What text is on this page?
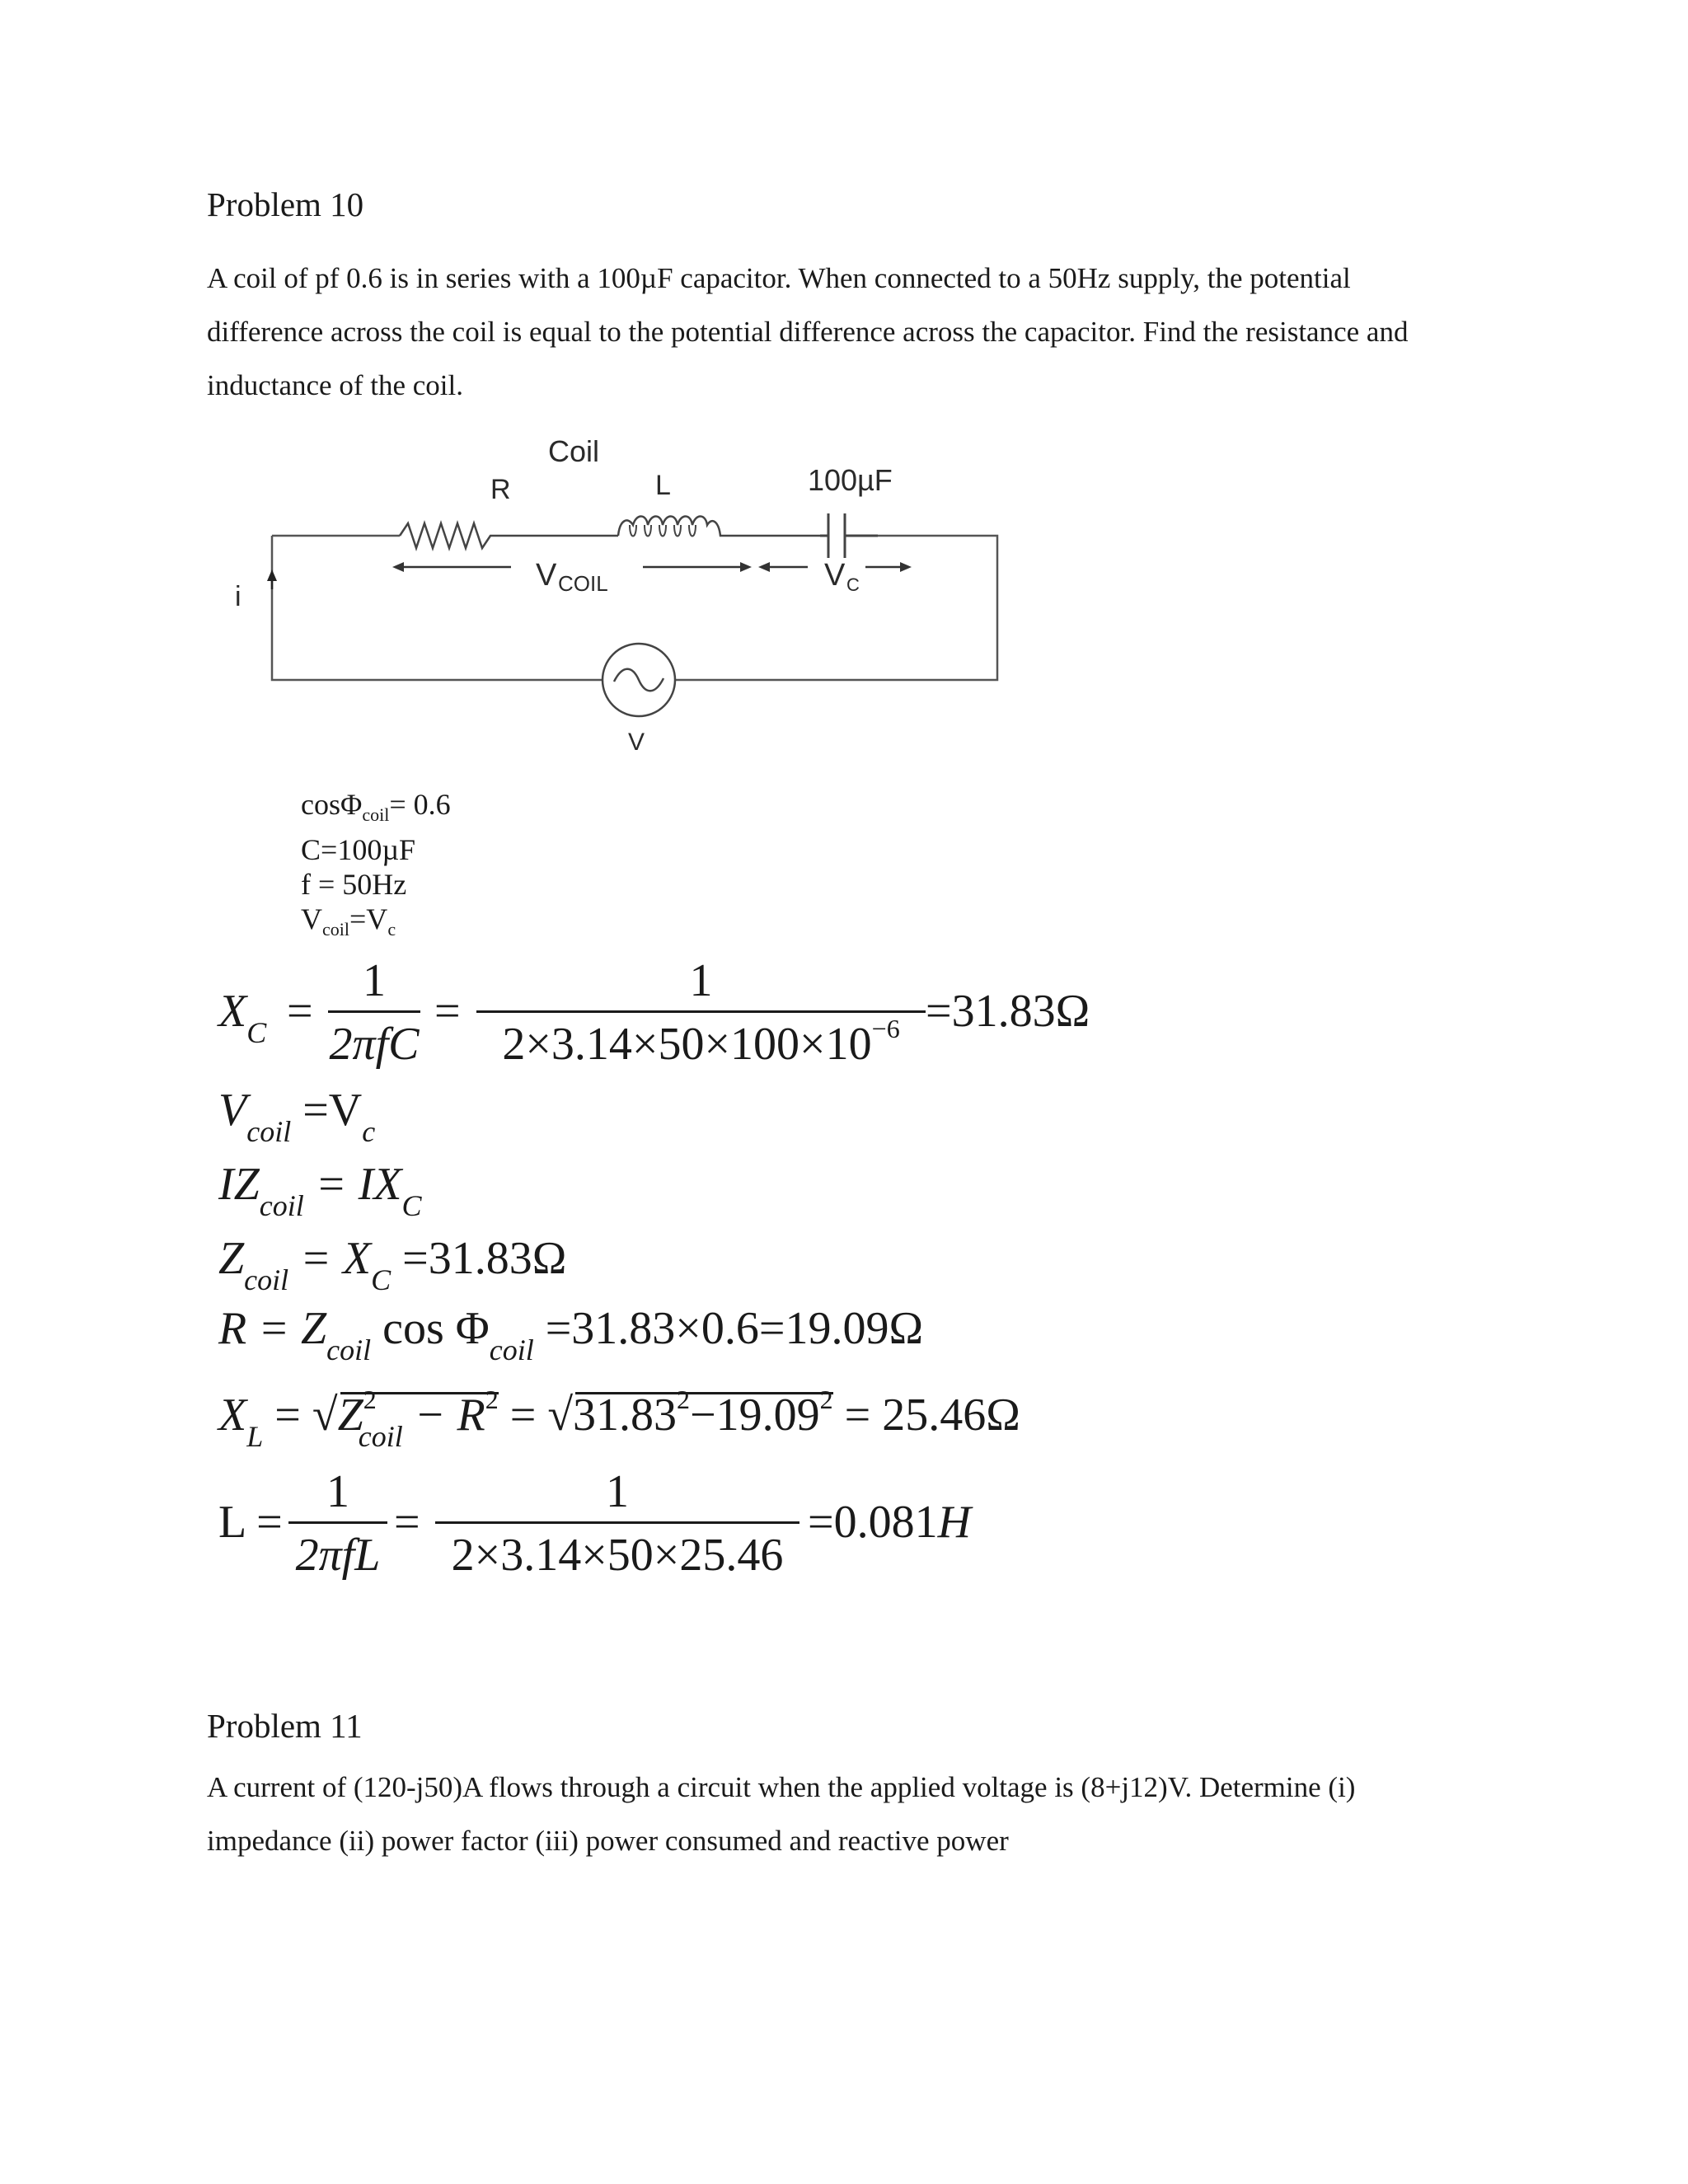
Problem 10
A coil of pf 0.6 is in series with a 100µF capacitor. When connected to a 50Hz supply, the potential difference across the coil is equal to the potential difference across the capacitor. Find the resistance and inductance of the coil.
Coil
R	L	100µF
i
V COIL	V C
V
cosΦ$_{coil}$= 0.6
C=100µF
f = 50Hz
$V_{coil}=V_c$
$X_C$ =
1
2πfC
=
1
$2\times 3.14\times 50\times 100\times 10^{-6} =31.83\Omega$
$V_{coil} =V_c$
$IZ_{coil} = IX_C$
$Z_{coil} = X_C =31.83\Omega$
$R = Z_{coil}$ $\cos \Phi_{coil} =31.83\times 0.6=19.09\Omega$
$X_L$ = √
$Z^2_{coil} - R^2$ = √
$31.83^2-19.09^2 = 25.46\Omega$
L =
1
2πfL
=
1
2×3.14×50×25.46
=0.081H
Problem 11
A current of (120-j50)A flows through a circuit when the applied voltage is (8+j12)V. Determine (i) impedance (ii) power factor (iii) power consumed and reactive power
